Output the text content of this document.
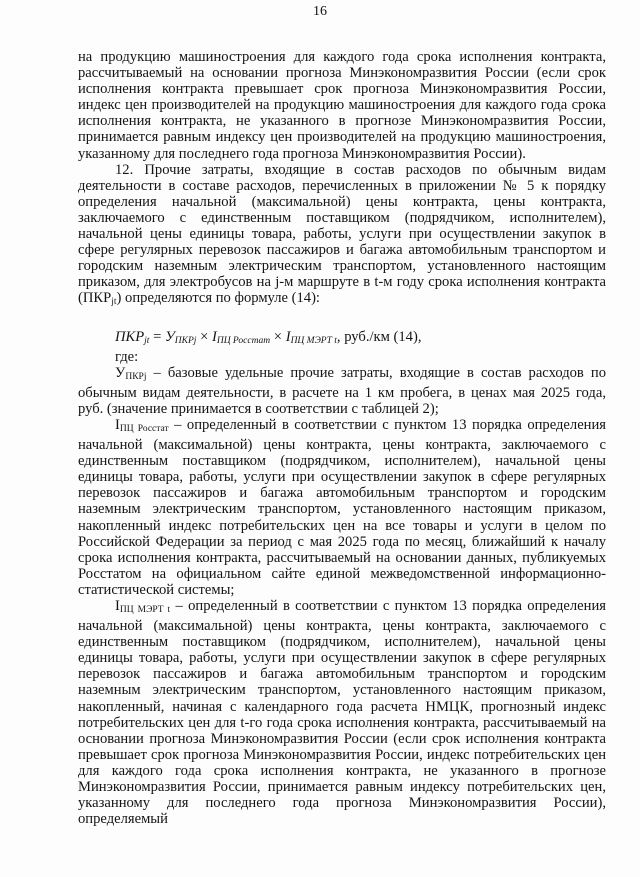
16

на продукцию машиностроения для каждого года срока исполнения контракта, рассчитываемый на основании прогноза Минэкономразвития России (если срок исполнения контракта превышает срок прогноза Минэкономразвития России, индекс цен производителей на продукцию машиностроения для каждого года срока исполнения контракта, не указанного в прогнозе Минэкономразвития России, принимается равным индексу цен производителей на продукцию машиностроения, указанному для последнего года прогноза Минэкономразвития России).

12. Прочие затраты, входящие в состав расходов по обычным видам деятельности в составе расходов, перечисленных в приложении № 5 к порядку определения начальной (максимальной) цены контракта, цены контракта, заключаемого с единственным поставщиком (подрядчиком, исполнителем), начальной цены единицы товара, работы, услуги при осуществлении закупок в сфере регулярных перевозок пассажиров и багажа автомобильным транспортом и городским наземным электрическим транспортом, установленного настоящим приказом, для электробусов на j-м маршруте в t-м году срока исполнения контракта $(ПКР_{jt})$ определяются по формуле (14):

$ПКР_{jt} = У_{ПКРj} \times I_{ПЦ Росстат} \times I_{ПЦ МЭРТ t}$, руб./км (14),

где:

$У_{ПКРj}$ – базовые удельные прочие затраты, входящие в состав расходов по обычным видам деятельности, в расчете на 1 км пробега, в ценах мая 2025 года, руб. (значение принимается в соответствии с таблицей 2);

$I_{ПЦ Росстат}$ – определенный в соответствии с пунктом 13 порядка определения начальной (максимальной) цены контракта, цены контракта, заключаемого с единственным поставщиком (подрядчиком, исполнителем), начальной цены единицы товара, работы, услуги при осуществлении закупок в сфере регулярных перевозок пассажиров и багажа автомобильным транспортом и городским наземным электрическим транспортом, установленного настоящим приказом, накопленный индекс потребительских цен на все товары и услуги в целом по Российской Федерации за период с мая 2025 года по месяц, ближайший к началу срока исполнения контракта, рассчитываемый на основании данных, публикуемых Росстатом на официальном сайте единой межведомственной информационно-статистической системы;

$I_{ПЦ МЭРТ t}$ – определенный в соответствии с пунктом 13 порядка определения начальной (максимальной) цены контракта, цены контракта, заключаемого с единственным поставщиком (подрядчиком, исполнителем), начальной цены единицы товара, работы, услуги при осуществлении закупок в сфере регулярных перевозок пассажиров и багажа автомобильным транспортом и городским наземным электрическим транспортом, установленного настоящим приказом, накопленный, начиная с календарного года расчета НМЦК, прогнозный индекс потребительских цен для t-го года срока исполнения контракта, рассчитываемый на основании прогноза Минэкономразвития России (если срок исполнения контракта превышает срок прогноза Минэкономразвития России, индекс потребительских цен для каждого года срока исполнения контракта, не указанного в прогнозе Минэкономразвития России, принимается равным индексу потребительских цен, указанному для последнего года прогноза Минэкономразвития России), определяемый
